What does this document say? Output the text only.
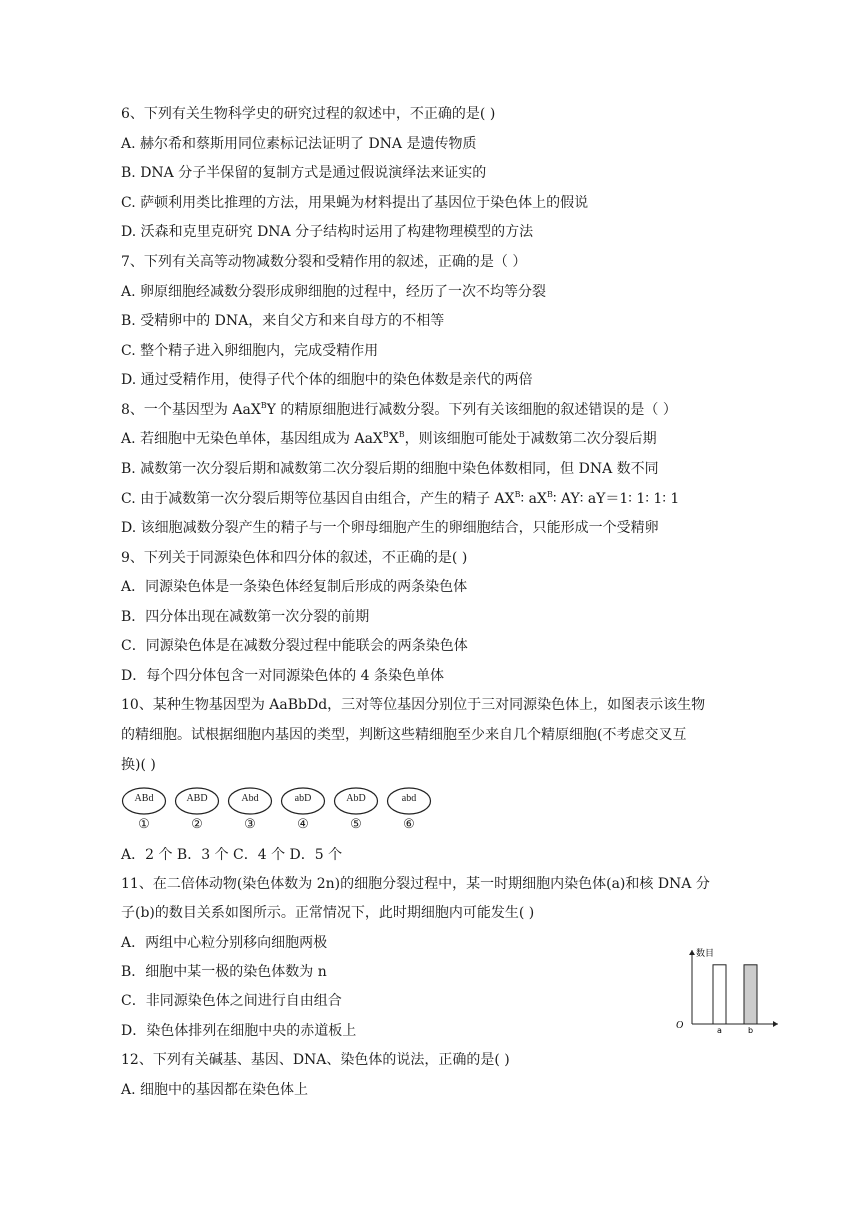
6、下列有关生物科学史的研究过程的叙述中，不正确的是( )
A. 赫尔希和蔡斯用同位素标记法证明了 DNA 是遗传物质
B. DNA 分子半保留的复制方式是通过假说演绎法来证实的
C. 萨顿利用类比推理的方法，用果蝇为材料提出了基因位于染色体上的假说
D. 沃森和克里克研究 DNA 分子结构时运用了构建物理模型的方法
7、下列有关高等动物减数分裂和受精作用的叙述，正确的是（ ）
A. 卵原细胞经减数分裂形成卵细胞的过程中，经历了一次不均等分裂
B. 受精卵中的 DNA，来自父方和来自母方的不相等
C. 整个精子进入卵细胞内，完成受精作用
D. 通过受精作用，使得子代个体的细胞中的染色体数是亲代的两倍
B. 减数第一次分裂后期和减数第二次分裂后期的细胞中染色体数相同，但 DNA 数不同
D. 该细胞减数分裂产生的精子与一个卵母细胞产生的卵细胞结合，只能形成一个受精卵
9、下列关于同源染色体和四分体的叙述，不正确的是( )
A．同源染色体是一条染色体经复制后形成的两条染色体
B．四分体出现在减数第一次分裂的前期
C．同源染色体是在减数分裂过程中能联会的两条染色体
D．每个四分体包含一对同源染色体的 4 条染色单体
10、某种生物基因型为 AaBbDd，三对等位基因分别位于三对同源染色体上，如图表示该生物
的精细胞。试根据细胞内基因的类型，判断这些精细胞至少来自几个精原细胞(不考虑交叉互
换)( )
A．2 个 B．3 个 C．4 个 D．5 个
11、在二倍体动物(染色体数为 2n)的细胞分裂过程中，某一时期细胞内染色体(a)和核 DNA 分
子(b)的数目关系如图所示。正常情况下，此时期细胞内可能发生( )
A．两组中心粒分别移向细胞两极
B．细胞中某一极的染色体数为 n
C．非同源染色体之间进行自由组合
D．染色体排列在细胞中央的赤道板上
12、下列有关碱基、基因、DNA、染色体的说法，正确的是( )
A. 细胞中的基因都在染色体上
8、一个基因型为 AaX$^B$Y 的精原细胞进行减数分裂。下列有关该细胞的叙述错误的是（ ）
A. 若细胞中无染色单体，基因组成为 $AaX^BX^B$，则该细胞可能处于减数第二次分裂后期
C. 由于减数第一次分裂后期等位基因自由组合，产生的精子 $AX^B∶$ $aX^B∶$ AY∶ aY＝1∶ 1∶ 1∶ 1
ABd
①
ABD
②
Abd
③
abD
④
AbD
⑤
abd
⑥
数目
O	a	b
